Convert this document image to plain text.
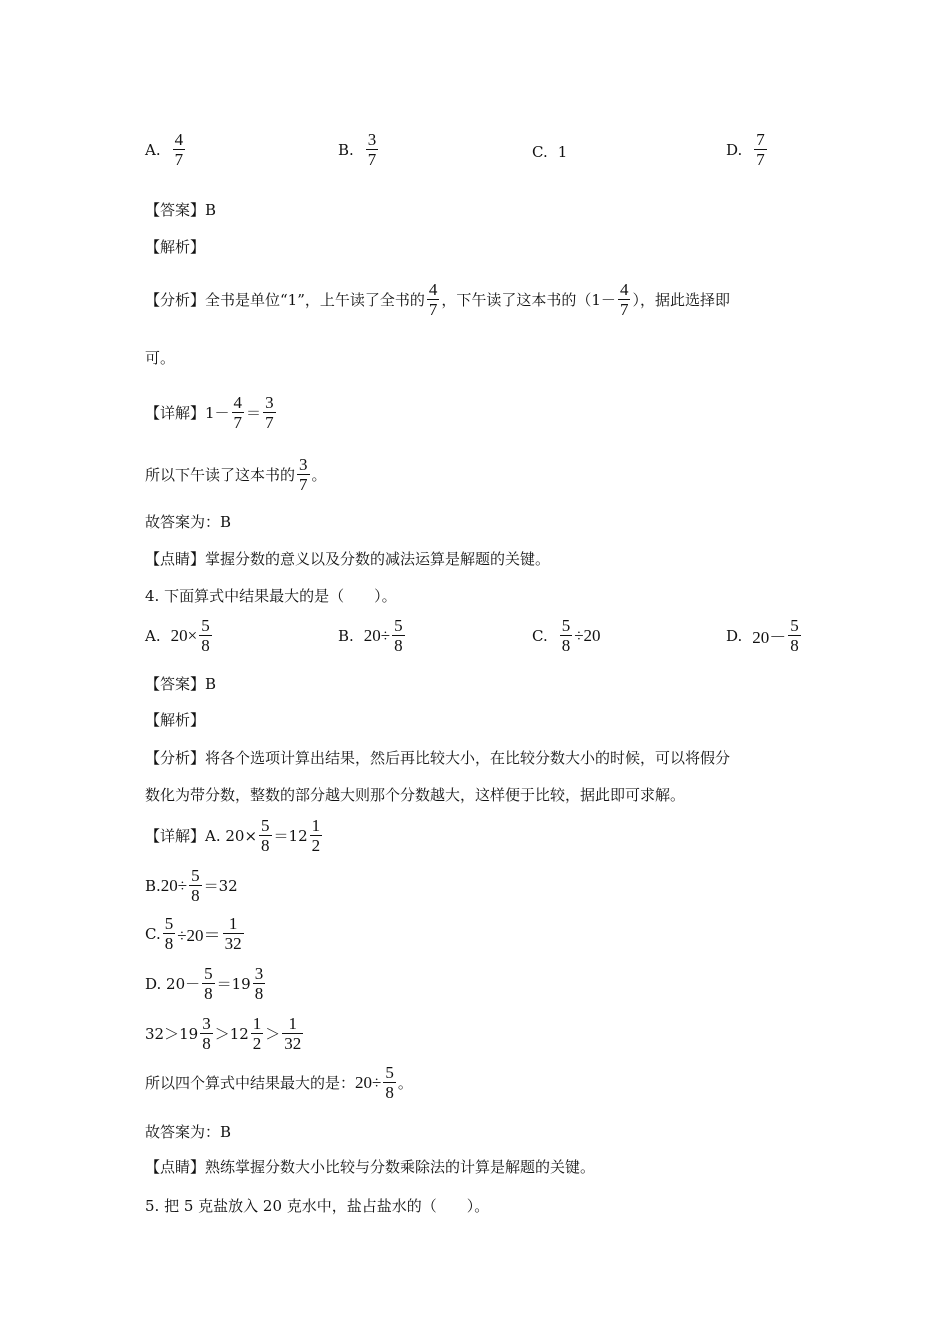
A. $\frac{4}{7}$	B. $\frac{3}{7}$	C. 1	D. $\frac{7}{7}$
【答案】B
【解析】
【分析】全书是单位“1”，上午读了全书的 $\frac{4}{7}$ ，下午读了这本书的（$1- \frac{4}{7}$ ），据此选择即
可。
【详解】$1- \frac{4}{7} = \frac{3}{7}$
所以下午读了这本书的 $\frac{3}{7}$ 。
故答案为：B
【点睛】掌握分数的意义以及分数的减法运算是解题的关键。
4. 下面算式中结果最大的是（　　）。
A. $20\times \frac{5}{8}$	B. $20\div \frac{5}{8}$	C. $\frac{5}{8} \div 20$	D. $20- \frac{5}{8}$
【答案】B
【解析】
【分析】将各个选项计算出结果，然后再比较大小，在比较分数大小的时候，可以将假分
数化为带分数，整数的部分越大则那个分数越大，这样便于比较，据此即可求解。
【详解】A. $20\times \frac{5}{8} =12 \frac{1}{2}$
B. $20\div \frac{5}{8} =32$
C. $\frac{5}{8} \div 20= \frac{1}{32}$
D. $20- \frac{5}{8} =19 \frac{3}{8}$
$32>19 \frac{3}{8} >12 \frac{1}{2} > \frac{1}{32}$
所以四个算式中结果最大的是： $20\div \frac{5}{8}$ 。
故答案为：B
【点睛】熟练掌握分数大小比较与分数乘除法的计算是解题的关键。
5. 把 5 克盐放入 20 克水中，盐占盐水的（　　）。
